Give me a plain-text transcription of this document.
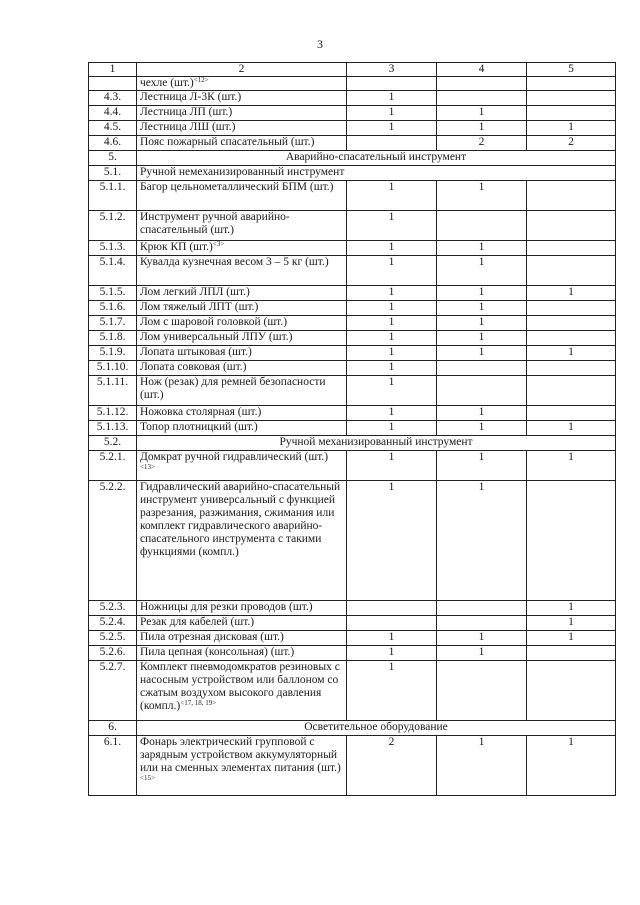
3
1	2	3	4	5
	чехле $(шт.)^{<12>}$			
4.3.	Лестница Л-3К (шт.)	1		
4.4.	Лестница ЛП (шт.)	1	1	
4.5.	Лестница ЛШ (шт.)	1	1	1
4.6.	Пояс пожарный спасательный (шт.)		2	2
5.	Аварийно-спасательный инструмент			
5.1.	Ручной немеханизированный инструмент			
5.1.1.	Багор цельнометаллический БПМ (шт.)	1	1	
5.1.2.	Инструмент ручной аварийно-спасательный (шт.)	1		
5.1.3.	Крюк КП $(шт.)^{<3>}$	1	1	
5.1.4.	Кувалда кузнечная весом 3 – 5 кг (шт.)	1	1	
5.1.5.	Лом легкий ЛПЛ (шт.)	1	1	1
5.1.6.	Лом тяжелый ЛПТ (шт.)	1	1	
5.1.7.	Лом с шаровой головкой (шт.)	1	1	
5.1.8.	Лом универсальный ЛПУ (шт.)	1	1	
5.1.9.	Лопата штыковая (шт.)	1	1	1
5.1.10.	Лопата совковая (шт.)	1		
5.1.11.	Нож (резак) для ремней безопасности (шт.)	1		
5.1.12.	Ножовка столярная (шт.)	1	1	
5.1.13.	Топор плотницкий (шт.)	1	1	1
5.2.	Ручной механизированный инструмент			
5.2.1.	Домкрат ручной гидравлический $(шт.)^{<13>}$	1	1	1
5.2.2.	Гидравлический аварийно-спасательный инструмент универсальный с функцией разрезания, разжимания, сжимания или комплект гидравлического аварийно-спасательного инструмента с такими функциями (компл.)	1	1	
5.2.3.	Ножницы для резки проводов (шт.)			1
5.2.4.	Резак для кабелей (шт.)			1
5.2.5.	Пила отрезная дисковая (шт.)	1	1	1
5.2.6.	Пила цепная (консольная) (шт.)	1	1	
5.2.7.	Комплект пневмодомкратов резиновых с насосным устройством или баллоном со сжатым воздухом высокого давления (компл.)$^{<17, 18, 19>}$	1		
6.	Осветительное оборудование			
6.1.	Фонарь электрический групповой с зарядным устройством аккумуляторный или на сменных элементах питания $(шт.)^{<15>}$	2	1	1
